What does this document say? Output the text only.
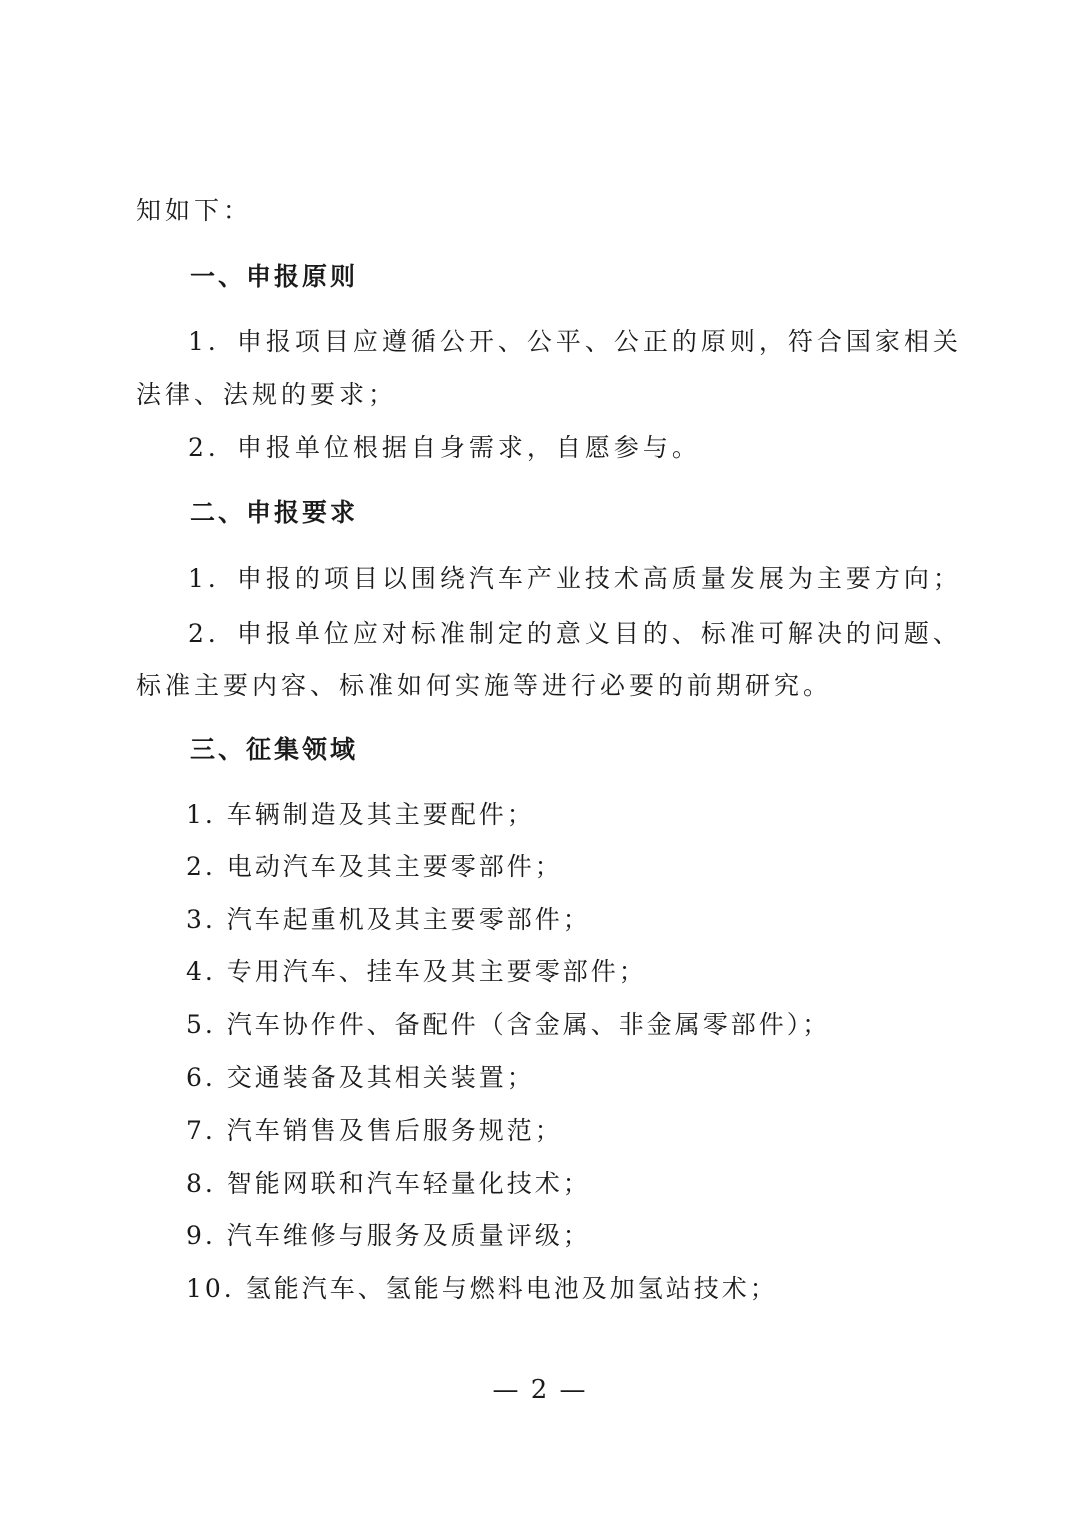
知如下：
一、申报原则
1．申报项目应遵循公开、公平、公正的原则，符合国家相关
法律、法规的要求；
2．申报单位根据自身需求，自愿参与。
二、申报要求
1．申报的项目以围绕汽车产业技术高质量发展为主要方向；
2．申报单位应对标准制定的意义目的、标准可解决的问题、
标准主要内容、标准如何实施等进行必要的前期研究。
三、征集领域
1. 车辆制造及其主要配件；
2. 电动汽车及其主要零部件；
3. 汽车起重机及其主要零部件；
4. 专用汽车、挂车及其主要零部件；
5. 汽车协作件、备配件（含金属、非金属零部件）；
6. 交通装备及其相关装置；
7. 汽车销售及售后服务规范；
8. 智能网联和汽车轻量化技术；
9. 汽车维修与服务及质量评级；
10. 氢能汽车、氢能与燃料电池及加氢站技术；
— 2 —
